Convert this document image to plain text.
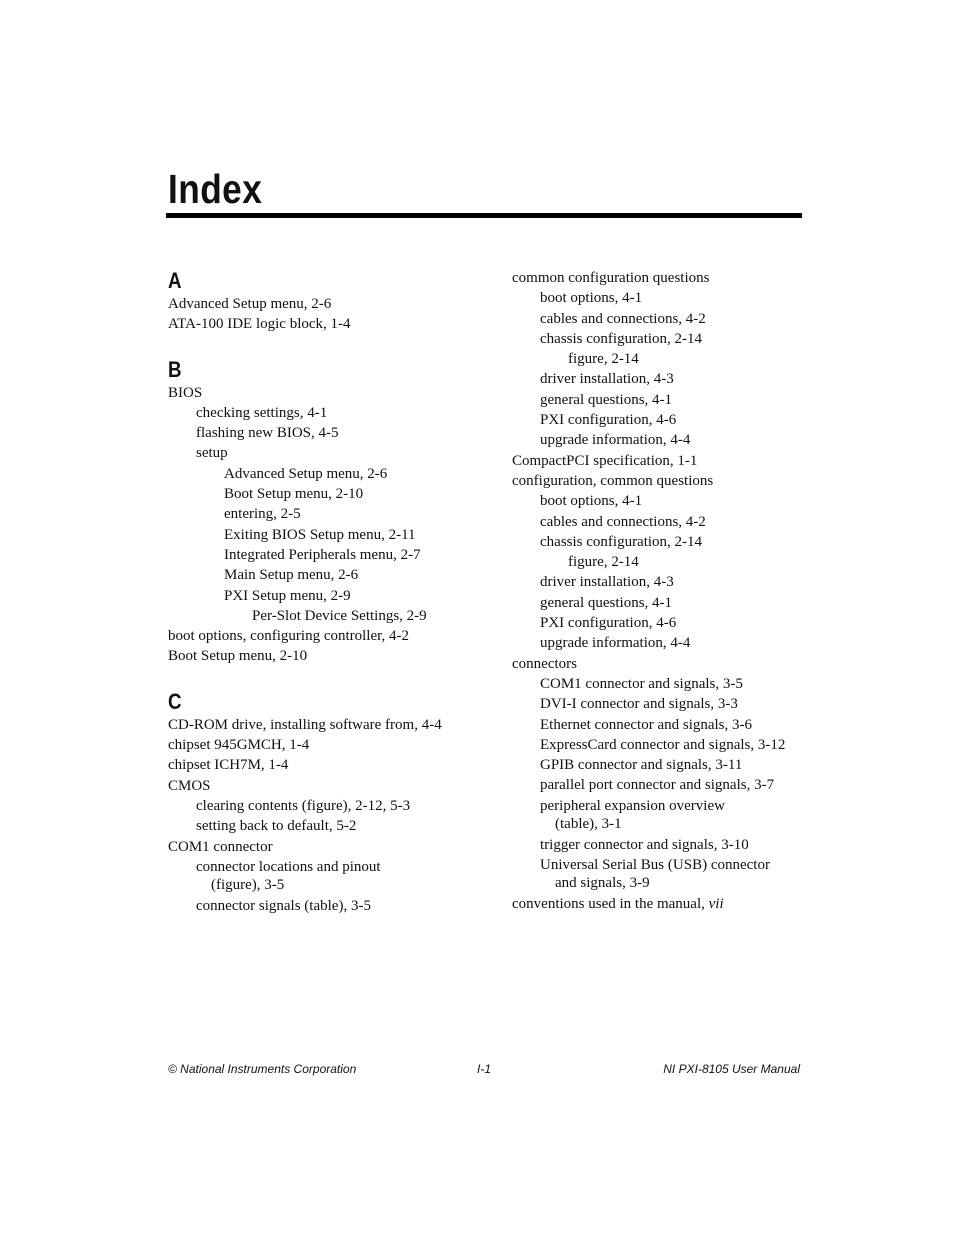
Index
A
Advanced Setup menu, 2-6
ATA-100 IDE logic block, 1-4
B
BIOS
checking settings, 4-1
flashing new BIOS, 4-5
setup
Advanced Setup menu, 2-6
Boot Setup menu, 2-10
entering, 2-5
Exiting BIOS Setup menu, 2-11
Integrated Peripherals menu, 2-7
Main Setup menu, 2-6
PXI Setup menu, 2-9
Per-Slot Device Settings, 2-9
boot options, configuring controller, 4-2
Boot Setup menu, 2-10
C
CD-ROM drive, installing software from, 4-4
chipset 945GMCH, 1-4
chipset ICH7M, 1-4
CMOS
clearing contents (figure), 2-12, 5-3
setting back to default, 5-2
COM1 connector
connector locations and pinout
(figure), 3-5
connector signals (table), 3-5
common configuration questions
boot options, 4-1
cables and connections, 4-2
chassis configuration, 2-14
figure, 2-14
driver installation, 4-3
general questions, 4-1
PXI configuration, 4-6
upgrade information, 4-4
CompactPCI specification, 1-1
configuration, common questions
boot options, 4-1
cables and connections, 4-2
chassis configuration, 2-14
figure, 2-14
driver installation, 4-3
general questions, 4-1
PXI configuration, 4-6
upgrade information, 4-4
connectors
COM1 connector and signals, 3-5
DVI-I connector and signals, 3-3
Ethernet connector and signals, 3-6
ExpressCard connector and signals, 3-12
GPIB connector and signals, 3-11
parallel port connector and signals, 3-7
peripheral expansion overview
(table), 3-1
trigger connector and signals, 3-10
Universal Serial Bus (USB) connector
and signals, 3-9
conventions used in the manual, vii
© National Instruments Corporation	I-1	NI PXI-8105 User Manual
